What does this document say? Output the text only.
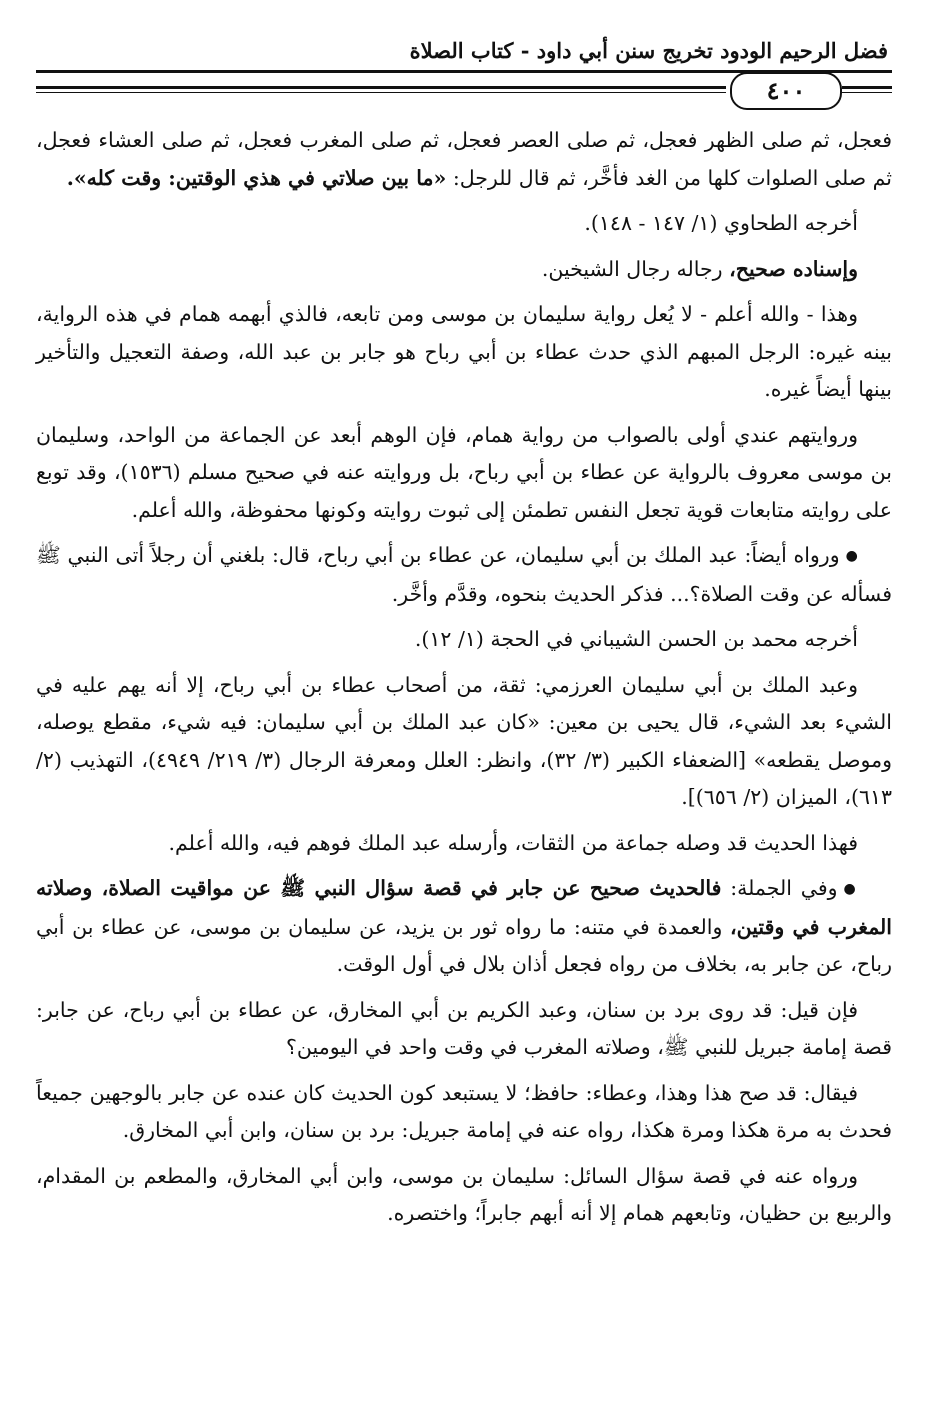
فضل الرحيم الودود تخريج سنن أبي داود - كتاب الصلاة
٤٠٠

فعجل، ثم صلى الظهر فعجل، ثم صلى العصر فعجل، ثم صلى المغرب فعجل، ثم صلى العشاء فعجل، ثم صلى الصلوات كلها من الغد فأخَّر، ثم قال للرجل: «ما بين صلاتي في هذي الوقتين: وقت كله».

أخرجه الطحاوي (١/ ١٤٧ - ١٤٨).

وإسناده صحيح، رجاله رجال الشيخين.

وهذا - والله أعلم - لا يُعل رواية سليمان بن موسى ومن تابعه، فالذي أبهمه همام في هذه الرواية، بينه غيره: الرجل المبهم الذي حدث عطاء بن أبي رباح هو جابر بن عبد الله، وصفة التعجيل والتأخير بينها أيضاً غيره.

وروايتهم عندي أولى بالصواب من رواية همام، فإن الوهم أبعد عن الجماعة من الواحد، وسليمان بن موسى معروف بالرواية عن عطاء بن أبي رباح، بل وروايته عنه في صحيح مسلم (١٥٣٦)، وقد توبع على روايته متابعات قوية تجعل النفس تطمئن إلى ثبوت روايته وكونها محفوظة، والله أعلم.

●ورواه أيضاً: عبد الملك بن أبي سليمان، عن عطاء بن أبي رباح، قال: بلغني أن رجلاً أتى النبي ﷺ فسأله عن وقت الصلاة؟... فذكر الحديث بنحوه، وقدَّم وأخَّر.

أخرجه محمد بن الحسن الشيباني في الحجة (١/ ١٢).

وعبد الملك بن أبي سليمان العرزمي: ثقة، من أصحاب عطاء بن أبي رباح، إلا أنه يهم عليه في الشيء بعد الشيء، قال يحيى بن معين: «كان عبد الملك بن أبي سليمان: فيه شيء، مقطع يوصله، وموصل يقطعه» [الضعفاء الكبير (٣/ ٣٢)، وانظر: العلل ومعرفة الرجال (٣/ ٢١٩/ ٤٩٤٩)، التهذيب (٢/ ٦١٣)، الميزان (٢/ ٦٥٦)].

فهذا الحديث قد وصله جماعة من الثقات، وأرسله عبد الملك فوهم فيه، والله أعلم.

●وفي الجملة: فالحديث صحيح عن جابر في قصة سؤال النبي ﷺ عن مواقيت الصلاة، وصلاته المغرب في وقتين، والعمدة في متنه: ما رواه ثور بن يزيد، عن سليمان بن موسى، عن عطاء بن أبي رباح، عن جابر به، بخلاف من رواه فجعل أذان بلال في أول الوقت.

فإن قيل: قد روى برد بن سنان، وعبد الكريم بن أبي المخارق، عن عطاء بن أبي رباح، عن جابر: قصة إمامة جبريل للنبي ﷺ، وصلاته المغرب في وقت واحد في اليومين؟

فيقال: قد صح هذا وهذا، وعطاء: حافظ؛ لا يستبعد كون الحديث كان عنده عن جابر بالوجهين جميعاً فحدث به مرة هكذا ومرة هكذا، رواه عنه في إمامة جبريل: برد بن سنان، وابن أبي المخارق.

ورواه عنه في قصة سؤال السائل: سليمان بن موسى، وابن أبي المخارق، والمطعم بن المقدام، والربيع بن حظيان، وتابعهم همام إلا أنه أبهم جابراً؛ واختصره.
